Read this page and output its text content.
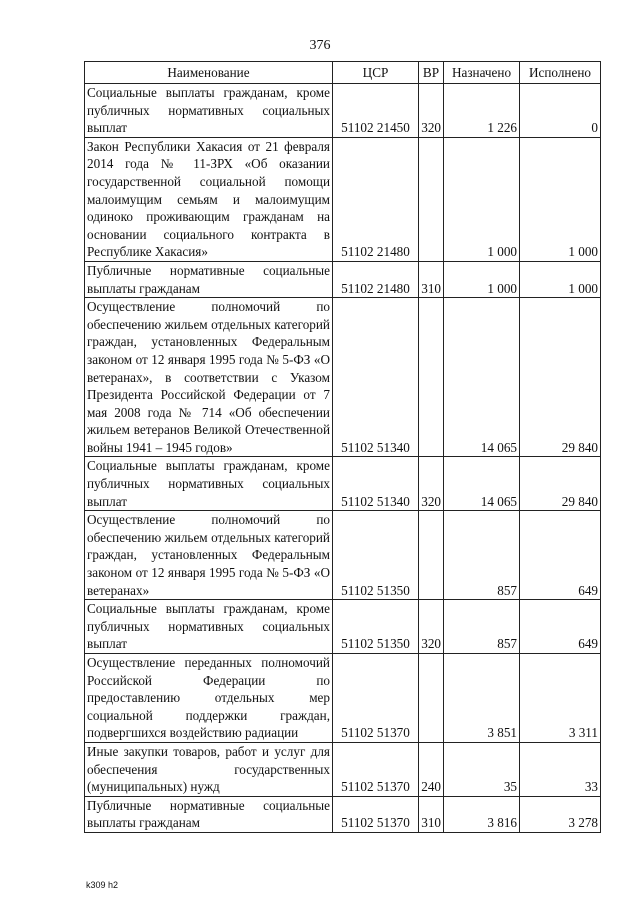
376
Наименование	ЦСР	ВР	Назначено	Исполнено
Социальные выплаты гражданам, кроме публичных нормативных социальных выплат	51102 21450	320	1 226	0
Закон Республики Хакасия от 21 февраля 2014 года № 11-ЗРХ «Об оказании государственной социальной помощи малоимущим семьям и малоимущим одиноко проживающим гражданам на основании социального контракта в Республике Хакасия»	51102 21480		1 000	1 000
Публичные нормативные социальные выплаты гражданам	51102 21480	310	1 000	1 000
Осуществление полномочий по обеспечению жильем отдельных категорий граждан, установленных Федеральным законом от 12 января 1995 года № 5-ФЗ «О ветеранах», в соответствии с Указом Президента Российской Федерации от 7 мая 2008 года № 714 «Об обеспечении жильем ветеранов Великой Отечественной войны 1941 – 1945 годов»	51102 51340		14 065	29 840
Социальные выплаты гражданам, кроме публичных нормативных социальных выплат	51102 51340	320	14 065	29 840
Осуществление полномочий по обеспечению жильем отдельных категорий граждан, установленных Федеральным законом от 12 января 1995 года № 5-ФЗ «О ветеранах»	51102 51350		857	649
Социальные выплаты гражданам, кроме публичных нормативных социальных выплат	51102 51350	320	857	649
Осуществление переданных полномочий Российской Федерации по предоставлению отдельных мер социальной поддержки граждан, подвергшихся воздействию радиации	51102 51370		3 851	3 311
Иные закупки товаров, работ и услуг для обеспечения государственных (муниципальных) нужд	51102 51370	240	35	33
Публичные нормативные социальные выплаты гражданам	51102 51370	310	3 816	3 278
k309 h2
